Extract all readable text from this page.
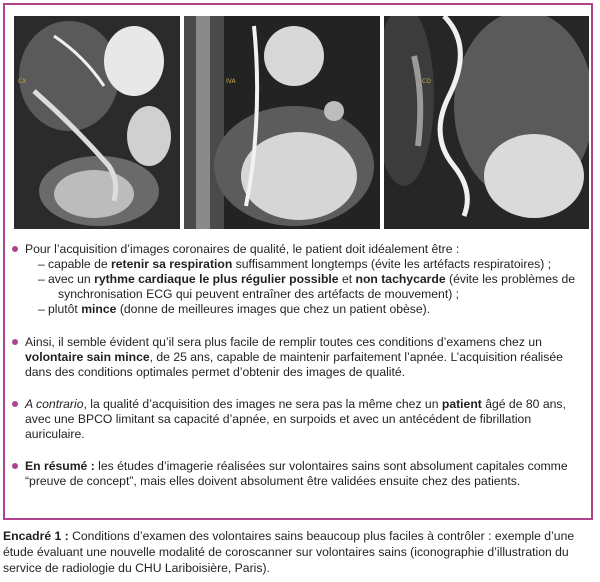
CX	IVA	CD
Pour l’acquisition d’images coronaires de qualité, le patient doit idéalement être :
– capable de retenir sa respiration suffisamment longtemps (évite les artéfacts respiratoires) ;
– avec un rythme cardiaque le plus régulier possible et non tachycarde (évite les problèmes de
synchronisation ECG qui peuvent entraîner des artéfacts de mouvement) ;
– plutôt mince (donne de meilleures images que chez un patient obèse).
Ainsi, il semble évident qu’il sera plus facile de remplir toutes ces conditions d’examens chez un
volontaire sain mince, de 25 ans, capable de maintenir parfaitement l’apnée. L’acquisition réalisée
dans des conditions optimales permet d’obtenir des images de qualité.
A contrario, la qualité d’acquisition des images ne sera pas la même chez un patient âgé de 80 ans,
avec une BPCO limitant sa capacité d’apnée, en surpoids et avec un antécédent de fibrillation
auriculaire.
En résumé : les études d’imagerie réalisées sur volontaires sains sont absolument capitales comme
“preuve de concept”, mais elles doivent absolument être validées ensuite chez des patients.
Encadré 1 : Conditions d’examen des volontaires sains beaucoup plus faciles à contrôler : exemple d’une
étude évaluant une nouvelle modalité de coroscanner sur volontaires sains (iconographie d’illustration du
service de radiologie du CHU Lariboisière, Paris).
